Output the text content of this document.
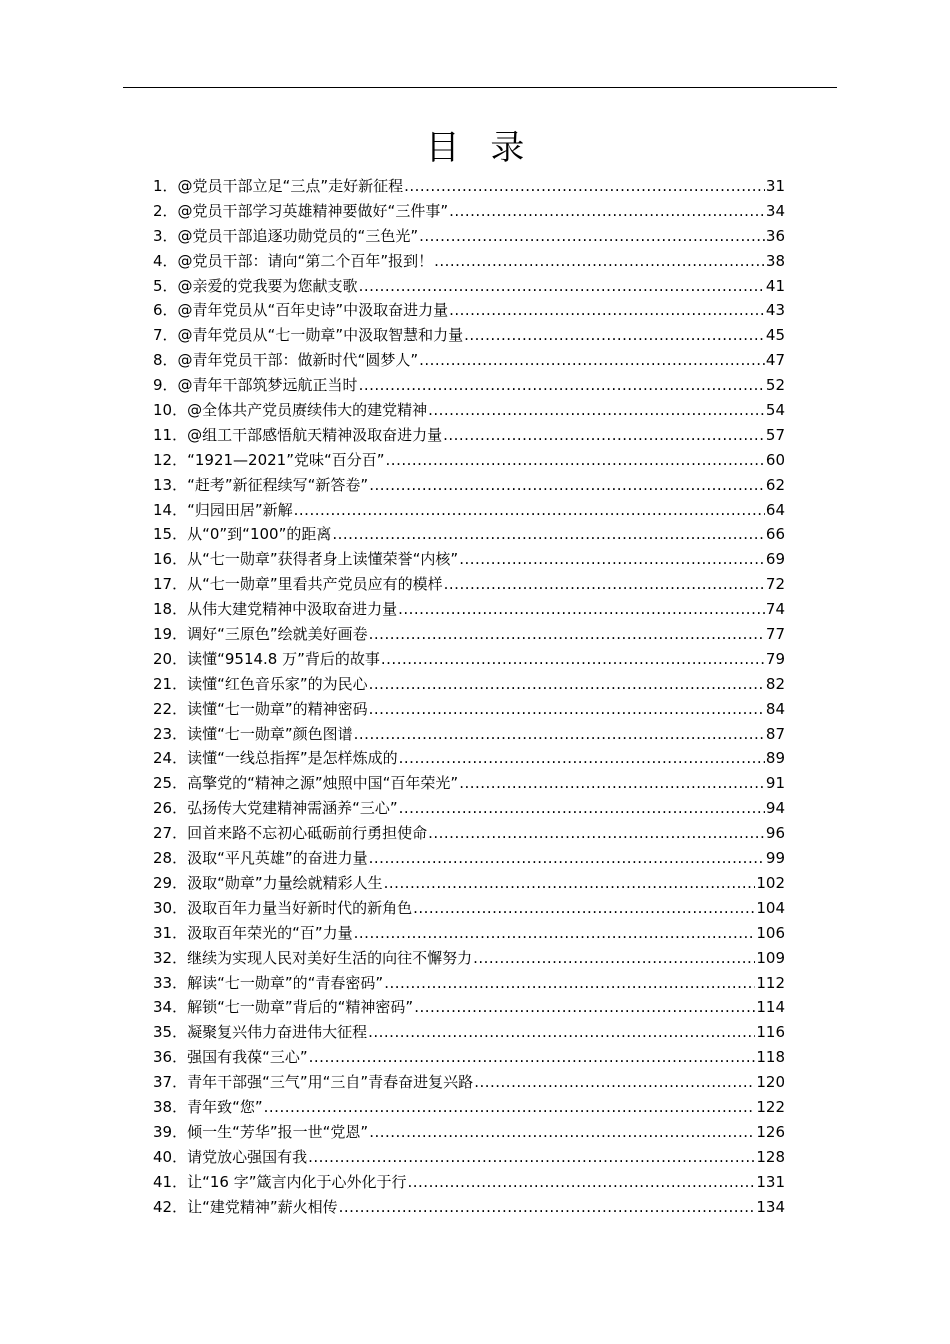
目 录
1． @党员干部立足“三点”走好新征程 .....	31
2． @党员干部学习英雄精神要做好“三件事” .....	34
3． @党员干部追逐功勋党员的“三色光” .....	36
4． @党员干部：请向“第二个百年”报到！ .....	38
5． @亲爱的党我要为您献支歌 .....	41
6． @青年党员从“百年史诗”中汲取奋进力量 .....	43
7． @青年党员从“七一勋章”中汲取智慧和力量 .....	45
8． @青年党员干部：做新时代“圆梦人” .....	47
9． @青年干部筑梦远航正当时 .....	52
10． @全体共产党员赓续伟大的建党精神 .....	54
11． @组工干部感悟航天精神汲取奋进力量 .....	57
12． “1921—2021”党味“百分百” .....	60
13． “赶考”新征程续写“新答卷” .....	62
14． “归园田居”新解 .....	64
15． 从“0”到“100”的距离 .....	66
16． 从“七一勋章”获得者身上读懂荣誉“内核” .....	69
17． 从“七一勋章”里看共产党员应有的模样 .....	72
18． 从伟大建党精神中汲取奋进力量 .....	74
19． 调好“三原色”绘就美好画卷 .....	77
20． 读懂“9514.8 万”背后的故事 .....	79
21． 读懂“红色音乐家”的为民心 .....	82
22． 读懂“七一勋章”的精神密码 .....	84
23． 读懂“七一勋章”颜色图谱 .....	87
24． 读懂“一线总指挥”是怎样炼成的 .....	89
25． 高擎党的“精神之源”烛照中国“百年荣光” .....	91
26． 弘扬传大党建精神需涵养“三心” .....	94
27． 回首来路不忘初心砥砺前行勇担使命 .....	96
28． 汲取“平凡英雄”的奋进力量 .....	99
29． 汲取“勋章”力量绘就精彩人生 .....	102
30． 汲取百年力量当好新时代的新角色 .....	104
31． 汲取百年荣光的“百”力量 .....	106
32． 继续为实现人民对美好生活的向往不懈努力 .....	109
33． 解读“七一勋章”的“青春密码” .....	112
34． 解锁“七一勋章”背后的“精神密码” .....	114
35． 凝聚复兴伟力奋进伟大征程 .....	116
36． 强国有我葆“三心” .....	118
37． 青年干部强“三气”用“三自”青春奋进复兴路 .....	120
38． 青年致“您” .....	122
39． 倾一生“芳华”报一世“党恩” .....	126
40． 请党放心强国有我 .....	128
41． 让“16 字”箴言内化于心外化于行 .....	131
42． 让“建党精神”薪火相传 .....	134
